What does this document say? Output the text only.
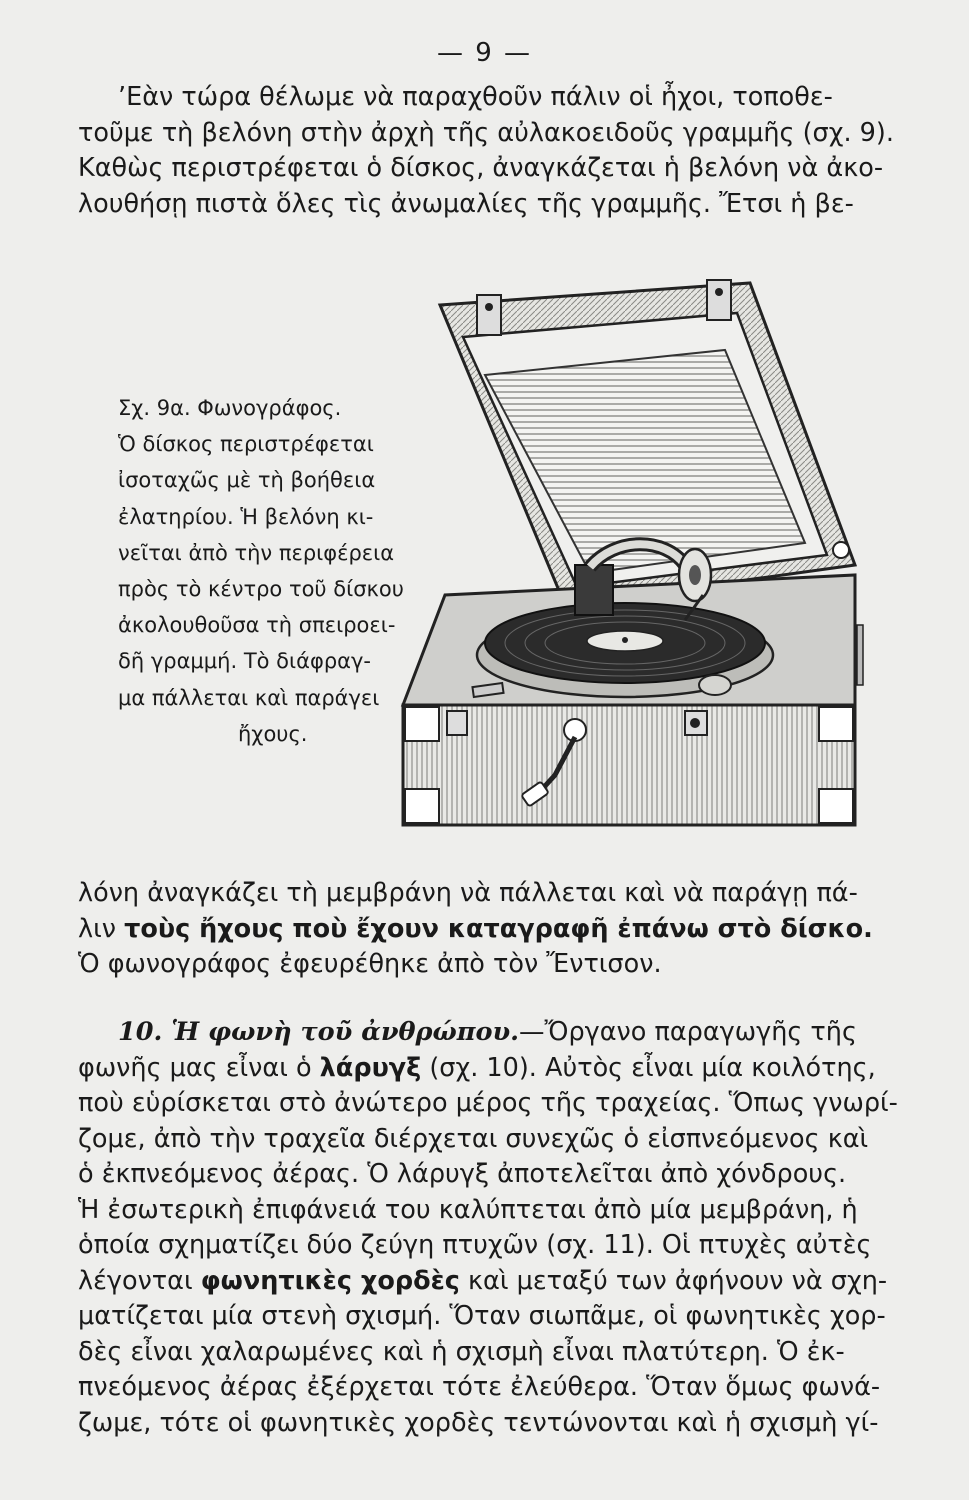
— 9 —
’Εὰν τώρα θέλωμε νὰ παραχθοῦν πάλιν οἱ ἦχοι, τοποθε-
τοῦμε τὴ βελόνη στὴν ἀρχὴ τῆς αὐλακοειδοῦς γραμμῆς (σχ. 9).
Καθὼς περιστρέφεται ὁ δίσκος, ἀναγκάζεται ἡ βελόνη νὰ ἀκο-
λουθήσῃ πιστὰ ὅλες τὶς ἀνωμαλίες τῆς γραμμῆς. Ἔτσι ἡ βε-
Σχ. 9α. Φωνογράφος.
Ὁ δίσκος περιστρέφεται
ἰσοταχῶς μὲ τὴ βοήθεια
ἐλατηρίου. Ἡ βελόνη κι-
νεῖται ἀπὸ τὴν περιφέρεια
πρὸς τὸ κέντρο τοῦ δίσκου
ἀκολουθοῦσα τὴ σπειροει-
δῆ γραμμή. Τὸ διάφραγ-
μα πάλλεται καὶ παράγει
ἤχους.
λόνη ἀναγκάζει τὴ μεμβράνη νὰ πάλλεται καὶ νὰ παράγῃ πά-
λιν τοὺς ἤχους ποὺ ἔχουν καταγραφῆ ἐπάνω στὸ δίσκο.
Ὁ φωνογράφος ἐφευρέθηκε ἀπὸ τὸν Ἔντισον.
10. Ἡ φωνὴ τοῦ ἀνθρώπου.—Ὄργανο παραγωγῆς τῆς
φωνῆς μας εἶναι ὁ λάρυγξ (σχ. 10). Αὐτὸς εἶναι μία κοιλότης,
ποὺ εὑρίσκεται στὸ ἀνώτερο μέρος τῆς τραχείας. Ὅπως γνωρί-
ζομε, ἀπὸ τὴν τραχεῖα διέρχεται συνεχῶς ὁ εἰσπνεόμενος καὶ
ὁ ἐκπνεόμενος ἀέρας. Ὁ λάρυγξ ἀποτελεῖται ἀπὸ χόνδρους.
Ἡ ἐσωτερικὴ ἐπιφάνειά του καλύπτεται ἀπὸ μία μεμβράνη, ἡ
ὁποία σχηματίζει δύο ζεύγη πτυχῶν (σχ. 11). Οἱ πτυχὲς αὐτὲς
λέγονται φωνητικὲς χορδὲς καὶ μεταξύ των ἀφήνουν νὰ σχη-
ματίζεται μία στενὴ σχισμή. Ὅταν σιωπᾶμε, οἱ φωνητικὲς χορ-
δὲς εἶναι χαλαρωμένες καὶ ἡ σχισμὴ εἶναι πλατύτερη. Ὁ ἐκ-
πνεόμενος ἀέρας ἐξέρχεται τότε ἐλεύθερα. Ὅταν ὅμως φωνά-
ζωμε, τότε οἱ φωνητικὲς χορδὲς τεντώνονται καὶ ἡ σχισμὴ γί-
